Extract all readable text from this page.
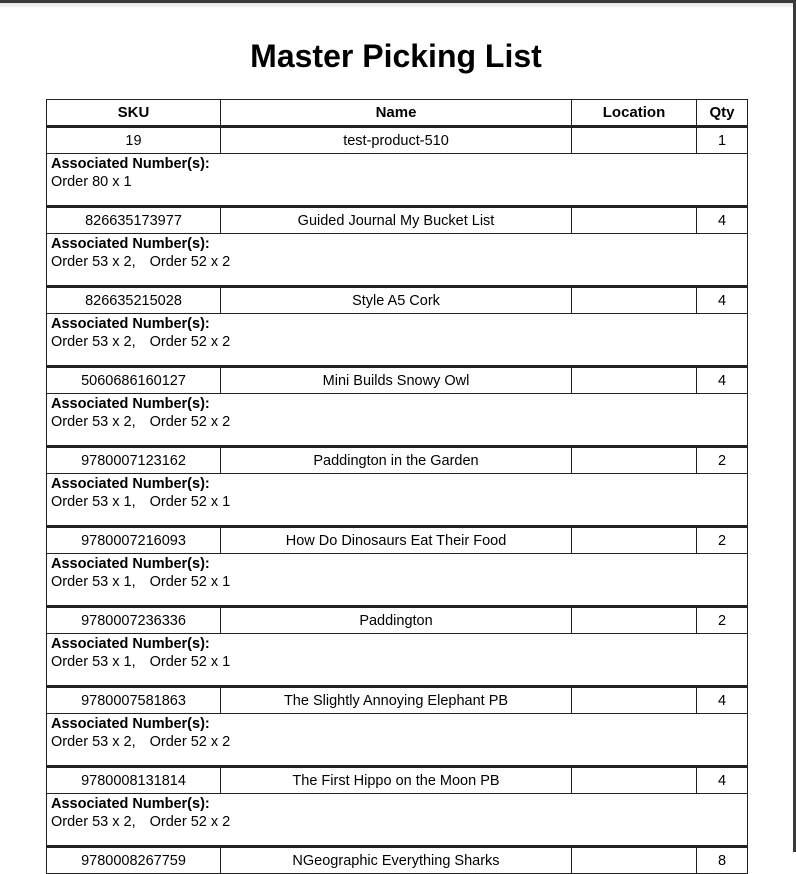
Master Picking List
SKU	Name	Location	Qty
19	test-product-510		1

Associated Number(s):
Order 80 x 1			

826635173977	Guided Journal My Bucket List		4

Associated Number(s):
Order 53 x 2, Order 52 x 2			

826635215028	Style A5 Cork		4

Associated Number(s):
Order 53 x 2, Order 52 x 2			

5060686160127	Mini Builds Snowy Owl		4

Associated Number(s):
Order 53 x 2, Order 52 x 2			

9780007123162	Paddington in the Garden		2

Associated Number(s):
Order 53 x 1, Order 52 x 1			

9780007216093	How Do Dinosaurs Eat Their Food		2

Associated Number(s):
Order 53 x 1, Order 52 x 1			

9780007236336	Paddington		2

Associated Number(s):
Order 53 x 1, Order 52 x 1			

9780007581863	The Slightly Annoying Elephant PB		4

Associated Number(s):
Order 53 x 2, Order 52 x 2			

9780008131814	The First Hippo on the Moon PB		4

Associated Number(s):
Order 53 x 2, Order 52 x 2			

9780008267759	NGeographic Everything Sharks		8
